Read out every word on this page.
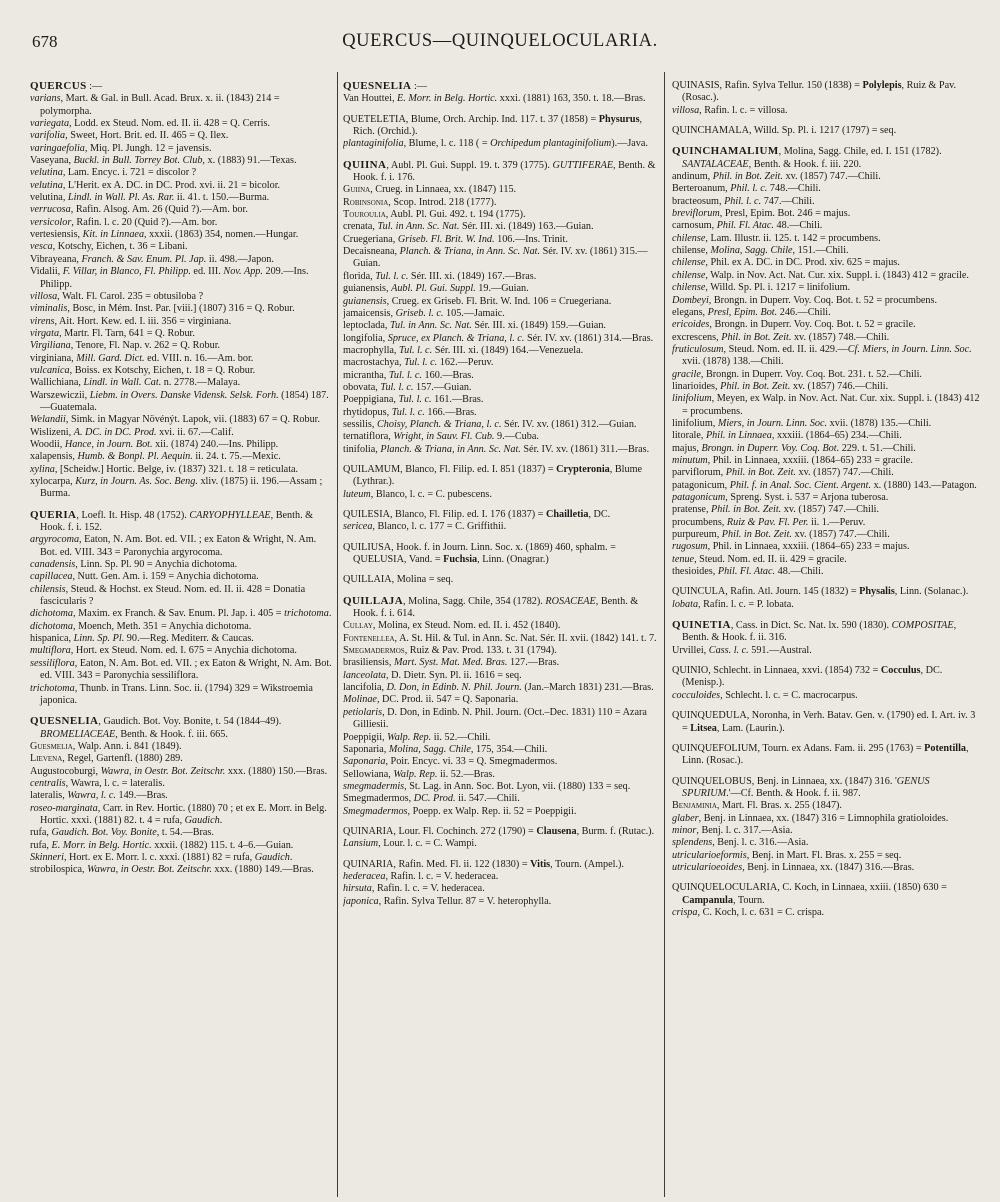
678	QUERCUS—QUINQUELOCULARIA.

QUERCUS :—

varians, Mart. & Gal. in Bull. Acad. Brux. x. ii. (1843) 214 = polymorpha.

variegata, Lodd. ex Steud. Nom. ed. II. ii. 428 = Q. Cerris.

varifolia, Sweet, Hort. Brit. ed. II. 465 = Q. Ilex.

varingaefolia, Miq. Pl. Jungh. 12 = javensis.

Vaseyana, Buckl. in Bull. Torrey Bot. Club, x. (1883) 91.—Texas.

velutina, Lam. Encyc. i. 721 = discolor ?

velutina, L'Herit. ex A. DC. in DC. Prod. xvi. ii. 21 = bicolor.

velutina, Lindl. in Wall. Pl. As. Rar. ii. 41. t. 150.—Burma.

verrucosa, Rafin. Alsog. Am. 26 (Quid ?).—Am. bor.

versicolor, Rafin. l. c. 20 (Quid ?).—Am. bor.

vertesiensis, Kit. in Linnaea, xxxii. (1863) 354, nomen.—Hungar.

vesca, Kotschy, Eichen, t. 36 = Libani.

Vibrayeana, Franch. & Sav. Enum. Pl. Jap. ii. 498.—Japon.

Vidalii, F. Villar, in Blanco, Fl. Philipp. ed. III. Nov. App. 209.—Ins. Philipp.

villosa, Walt. Fl. Carol. 235 = obtusiloba ?

viminalis, Bosc, in Mém. Inst. Par. [viii.] (1807) 316 = Q. Robur.

virens, Ait. Hort. Kew. ed. I. iii. 356 = virginiana.

virgata, Martr. Fl. Tarn, 641 = Q. Robur.

Virgiliana, Tenore, Fl. Nap. v. 262 = Q. Robur.

virginiana, Mill. Gard. Dict. ed. VIII. n. 16.—Am. bor.

vulcanica, Boiss. ex Kotschy, Eichen, t. 18 = Q. Robur.

Wallichiana, Lindl. in Wall. Cat. n. 2778.—Malaya.

Warszewiczii, Liebm. in Overs. Danske Vidensk. Selsk. Forh. (1854) 187.—Guatemala.

Welandii, Simk. in Magyar Növénýt. Lapok, vii. (1883) 67 = Q. Robur.

Wislizeni, A. DC. in DC. Prod. xvi. ii. 67.—Calif.

Woodii, Hance, in Journ. Bot. xii. (1874) 240.—Ins. Philipp.

xalapensis, Humb. & Bonpl. Pl. Aequin. ii. 24. t. 75.—Mexic.

xylina, [Scheidw.] Hortic. Belge, iv. (1837) 321. t. 18 = reticulata.

xylocarpa, Kurz, in Journ. As. Soc. Beng. xliv. (1875) ii. 196.—Assam ; Burma.

QUERIA, Loefl. It. Hisp. 48 (1752). CARYOPHYLLEAE, Benth. & Hook. f. i. 152.

argyrocoma, Eaton, N. Am. Bot. ed. VII. ; ex Eaton & Wright, N. Am. Bot. ed. VIII. 343 = Paronychia argyrocoma.

canadensis, Linn. Sp. Pl. 90 = Anychia dichotoma.

capillacea, Nutt. Gen. Am. i. 159 = Anychia dichotoma.

chilensis, Steud. & Hochst. ex Steud. Nom. ed. II. ii. 428 = Donatia fascicularis ?

dichotoma, Maxim. ex Franch. & Sav. Enum. Pl. Jap. i. 405 = trichotoma.

dichotoma, Moench, Meth. 351 = Anychia dichotoma.

hispanica, Linn. Sp. Pl. 90.—Reg. Mediterr. & Caucas.

multiflora, Hort. ex Steud. Nom. ed. I. 675 = Anychia dichotoma.

sessiliflora, Eaton, N. Am. Bot. ed. VII. ; ex Eaton & Wright, N. Am. Bot. ed. VIII. 343 = Paronychia sessiliflora.

trichotoma, Thunb. in Trans. Linn. Soc. ii. (1794) 329 = Wikstroemia japonica.

QUESNELIA, Gaudich. Bot. Voy. Bonite, t. 54 (1844–49). BROMELIACEAE, Benth. & Hook. f. iii. 665.

Guesmelia, Walp. Ann. i. 841 (1849).

Lievena, Regel, Gartenfl. (1880) 289.

Augustocoburgi, Wawra, in Oestr. Bot. Zeitschr. xxx. (1880) 150.—Bras.

centralis, Wawra, l. c. = lateralis.

lateralis, Wawra, l. c. 149.—Bras.

roseo-marginata, Carr. in Rev. Hortic. (1880) 70 ; et ex E. Morr. in Belg. Hortic. xxxi. (1881) 82. t. 4 = rufa, Gaudich.

rufa, Gaudich. Bot. Voy. Bonite, t. 54.—Bras.

rufa, E. Morr. in Belg. Hortic. xxxii. (1882) 115. t. 4–6.—Guian.

Skinneri, Hort. ex E. Morr. l. c. xxxi. (1881) 82 = rufa, Gaudich.

strobilospica, Wawra, in Oestr. Bot. Zeitschr. xxx. (1880) 149.—Bras.

QUESNELIA :—

Van Houttei, E. Morr. in Belg. Hortic. xxxi. (1881) 163, 350. t. 18.—Bras.

QUETELETIA, Blume, Orch. Archip. Ind. 117. t. 37 (1858) = Physurus, Rich. (Orchid.).

plantaginifolia, Blume, l. c. 118 ( = Orchipedum plantaginifolium).—Java.

QUIINA, Aubl. Pl. Gui. Suppl. 19. t. 379 (1775). GUTTIFERAE, Benth. & Hook. f. i. 176.

Guiina, Crueg. in Linnaea, xx. (1847) 115.

Robinsonia, Scop. Introd. 218 (1777).

Touroulia, Aubl. Pl. Gui. 492. t. 194 (1775).

crenata, Tul. in Ann. Sc. Nat. Sér. III. xi. (1849) 163.—Guian.

Cruegeriana, Griseb. Fl. Brit. W. Ind. 106.—Ins. Trinit.

Decaisneana, Planch. & Triana, in Ann. Sc. Nat. Sér. IV. xv. (1861) 315.—Guian.

florida, Tul. l. c. Sér. III. xi. (1849) 167.—Bras.

guianensis, Aubl. Pl. Gui. Suppl. 19.—Guian.

guianensis, Crueg. ex Griseb. Fl. Brit. W. Ind. 106 = Cruegeriana.

jamaicensis, Griseb. l. c. 105.—Jamaic.

leptoclada, Tul. in Ann. Sc. Nat. Sér. III. xi. (1849) 159.—Guian.

longifolia, Spruce, ex Planch. & Triana, l. c. Sér. IV. xv. (1861) 314.—Bras.

macrophylla, Tul. l. c. Sér. III. xi. (1849) 164.—Venezuela.

macrostachya, Tul. l. c. 162.—Peruv.

micrantha, Tul. l. c. 160.—Bras.

obovata, Tul. l. c. 157.—Guian.

Poeppigiana, Tul. l. c. 161.—Bras.

rhytidopus, Tul. l. c. 166.—Bras.

sessilis, Choisy, Planch. & Triana, l. c. Sér. IV. xv. (1861) 312.—Guian.

ternatiflora, Wright, in Sauv. Fl. Cub. 9.—Cuba.

tinifolia, Planch. & Triana, in Ann. Sc. Nat. Sér. IV. xv. (1861) 311.—Bras.

QUILAMUM, Blanco, Fl. Filip. ed. I. 851 (1837) = Crypteronia, Blume (Lythrar.).

luteum, Blanco, l. c. = C. pubescens.

QUILESIA, Blanco, Fl. Filip. ed. I. 176 (1837) = Chailletia, DC.

sericea, Blanco, l. c. 177 = C. Griffithii.

QUILIUSA, Hook. f. in Journ. Linn. Soc. x. (1869) 460, sphalm. = QUELUSIA, Vand. = Fuchsia, Linn. (Onagrar.)

QUILLAIA, Molina = seq.

QUILLAJA, Molina, Sagg. Chile, 354 (1782). ROSACEAE, Benth. & Hook. f. i. 614.

Cullay, Molina, ex Steud. Nom. ed. II. i. 452 (1840).

Fontenellea, A. St. Hil. & Tul. in Ann. Sc. Nat. Sér. II. xvii. (1842) 141. t. 7.

Smegmadermos, Ruiz & Pav. Prod. 133. t. 31 (1794).

brasiliensis, Mart. Syst. Mat. Med. Bras. 127.—Bras.

lanceolata, D. Dietr. Syn. Pl. ii. 1616 = seq.

lancifolia, D. Don, in Edinb. N. Phil. Journ. (Jan.–March 1831) 231.—Bras.

Molinae, DC. Prod. ii. 547 = Q. Saponaria.

petiolaris, D. Don, in Edinb. N. Phil. Journ. (Oct.–Dec. 1831) 110 = Azara Gilliesii.

Poeppigii, Walp. Rep. ii. 52.—Chili.

Saponaria, Molina, Sagg. Chile, 175, 354.—Chili.

Saponaria, Poir. Encyc. vi. 33 = Q. Smegmadermos.

Sellowiana, Walp. Rep. ii. 52.—Bras.

smegmadermis, St. Lag. in Ann. Soc. Bot. Lyon, vii. (1880) 133 = seq.

Smegmadermos, DC. Prod. ii. 547.—Chili.

Smegmadermos, Poepp. ex Walp. Rep. ii. 52 = Poeppigii.

QUINARIA, Lour. Fl. Cochinch. 272 (1790) = Clausena, Burm. f. (Rutac.).

Lansium, Lour. l. c. = C. Wampi.

QUINARIA, Rafin. Med. Fl. ii. 122 (1830) = Vitis, Tourn. (Ampel.).

hederacea, Rafin. l. c. = V. hederacea.

hirsuta, Rafin. l. c. = V. hederacea.

japonica, Rafin. Sylva Tellur. 87 = V. heterophylla.

QUINASIS, Rafin. Sylva Tellur. 150 (1838) = Polylepis, Ruiz & Pav. (Rosac.).

villosa, Rafin. l. c. = villosa.

QUINCHAMALA, Willd. Sp. Pl. i. 1217 (1797) = seq.

QUINCHAMALIUM, Molina, Sagg. Chile, ed. I. 151 (1782). SANTALACEAE, Benth. & Hook. f. iii. 220.

andinum, Phil. in Bot. Zeit. xv. (1857) 747.—Chili.

Berteroanum, Phil. l. c. 748.—Chili.

bracteosum, Phil. l. c. 747.—Chili.

breviflorum, Presl, Epim. Bot. 246 = majus.

carnosum, Phil. Fl. Atac. 48.—Chili.

chilense, Lam. Illustr. ii. 125. t. 142 = procumbens.

chilense, Molina, Sagg. Chile, 151.—Chili.

chilense, Phil. ex A. DC. in DC. Prod. xiv. 625 = majus.

chilense, Walp. in Nov. Act. Nat. Cur. xix. Suppl. i. (1843) 412 = gracile.

chilense, Willd. Sp. Pl. i. 1217 = linifolium.

Dombeyi, Brongn. in Duperr. Voy. Coq. Bot. t. 52 = procumbens.

elegans, Presl, Epim. Bot. 246.—Chili.

ericoides, Brongn. in Duperr. Voy. Coq. Bot. t. 52 = gracile.

excrescens, Phil. in Bot. Zeit. xv. (1857) 748.—Chili.

fruticulosum, Steud. Nom. ed. II. ii. 429.—Cf. Miers, in Journ. Linn. Soc. xvii. (1878) 138.—Chili.

gracile, Brongn. in Duperr. Voy. Coq. Bot. 231. t. 52.—Chili.

linarioides, Phil. in Bot. Zeit. xv. (1857) 746.—Chili.

linifolium, Meyen, ex Walp. in Nov. Act. Nat. Cur. xix. Suppl. i. (1843) 412 = procumbens.

linifolium, Miers, in Journ. Linn. Soc. xvii. (1878) 135.—Chili.

litorale, Phil. in Linnaea, xxxiii. (1864–65) 234.—Chili.

majus, Brongn. in Duperr. Voy. Coq. Bot. 229. t. 51.—Chili.

minutum, Phil. in Linnaea, xxxiii. (1864–65) 233 = gracile.

parviflorum, Phil. in Bot. Zeit. xv. (1857) 747.—Chili.

patagonicum, Phil. f. in Anal. Soc. Cient. Argent. x. (1880) 143.—Patagon.

patagonicum, Spreng. Syst. i. 537 = Arjona tuberosa.

pratense, Phil. in Bot. Zeit. xv. (1857) 747.—Chili.

procumbens, Ruiz & Pav. Fl. Per. ii. 1.—Peruv.

purpureum, Phil. in Bot. Zeit. xv. (1857) 747.—Chili.

rugosum, Phil. in Linnaea, xxxiii. (1864–65) 233 = majus.

tenue, Steud. Nom. ed. II. ii. 429 = gracile.

thesioides, Phil. Fl. Atac. 48.—Chili.

QUINCULA, Rafin. Atl. Journ. 145 (1832) = Physalis, Linn. (Solanac.).

lobata, Rafin. l. c. = P. lobata.

QUINETIA, Cass. in Dict. Sc. Nat. lx. 590 (1830). COMPOSITAE, Benth. & Hook. f. ii. 316.

Urvillei, Cass. l. c. 591.—Austral.

QUINIO, Schlecht. in Linnaea, xxvi. (1854) 732 = Cocculus, DC. (Menisp.).

cocculoides, Schlecht. l. c. = C. macrocarpus.

QUINQUEDULA, Noronha, in Verh. Batav. Gen. v. (1790) ed. I. Art. iv. 3 = Litsea, Lam. (Laurin.).

QUINQUEFOLIUM, Tourn. ex Adans. Fam. ii. 295 (1763) = Potentilla, Linn. (Rosac.).

QUINQUELOBUS, Benj. in Linnaea, xx. (1847) 316. 'GENUS SPURIUM.'—Cf. Benth. & Hook. f. ii. 987.

Benjaminia, Mart. Fl. Bras. x. 255 (1847).

glaber, Benj. in Linnaea, xx. (1847) 316 = Limnophila gratioloides.

minor, Benj. l. c. 317.—Asia.

splendens, Benj. l. c. 316.—Asia.

utricularioeformis, Benj. in Mart. Fl. Bras. x. 255 = seq.

utricularioeoides, Benj. in Linnaea, xx. (1847) 316.—Bras.

QUINQUELOCULARIA, C. Koch, in Linnaea, xxiii. (1850) 630 = Campanula, Tourn.

crispa, C. Koch, l. c. 631 = C. crispa.
